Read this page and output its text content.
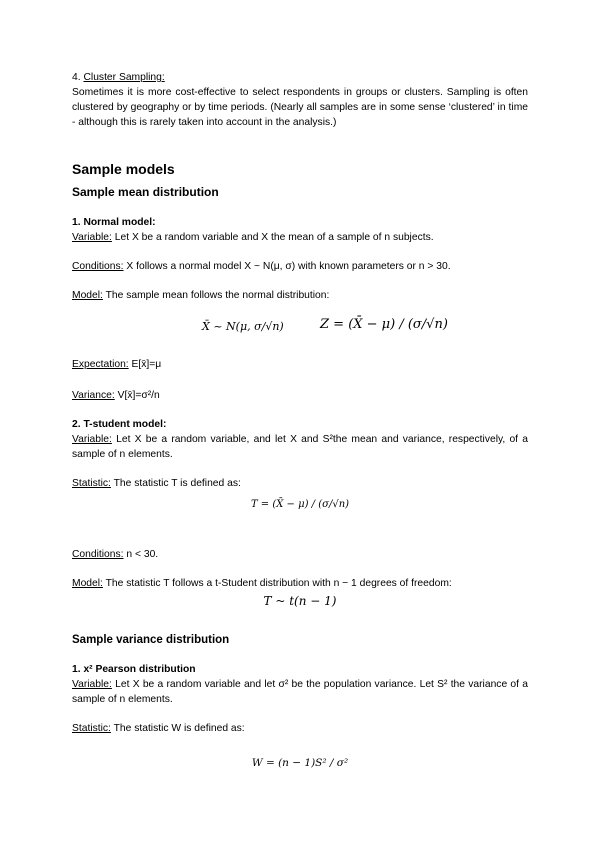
4. Cluster Sampling:

Sometimes it is more cost-effective to select respondents in groups or clusters. Sampling is often clustered by geography or by time periods. (Nearly all samples are in some sense ‘clustered’ in time - although this is rarely taken into account in the analysis.)

Sample models

Sample mean distribution

1. Normal model:

Variable: Let X be a random variable and X the mean of a sample of n subjects.

Conditions: X follows a normal model X ~ N(μ, σ) with known parameters or n > 30.

Model: The sample mean follows the normal distribution:

X̄ ~ N(μ, σ/√n)	Z = (X̄ − μ) / (σ/√n)

Expectation: E[x̄]=μ

Variance: V[x̄]=σ²/n

2. T-student model:

Variable: Let X be a random variable, and let X and S²the mean and variance, respectively, of a sample of n elements.

Statistic: The statistic T is defined as:

T = (X̄ − μ) / (σ/√n)

Conditions: n < 30.

Model: The statistic T follows a t-Student distribution with n − 1 degrees of freedom:

T ~ t(n − 1)

Sample variance distribution

1. x² Pearson distribution

Variable: Let X be a random variable and let σ² be the population variance. Let S² the variance of a sample of n elements.

Statistic: The statistic W is defined as:

W = (n − 1)S² / σ²
